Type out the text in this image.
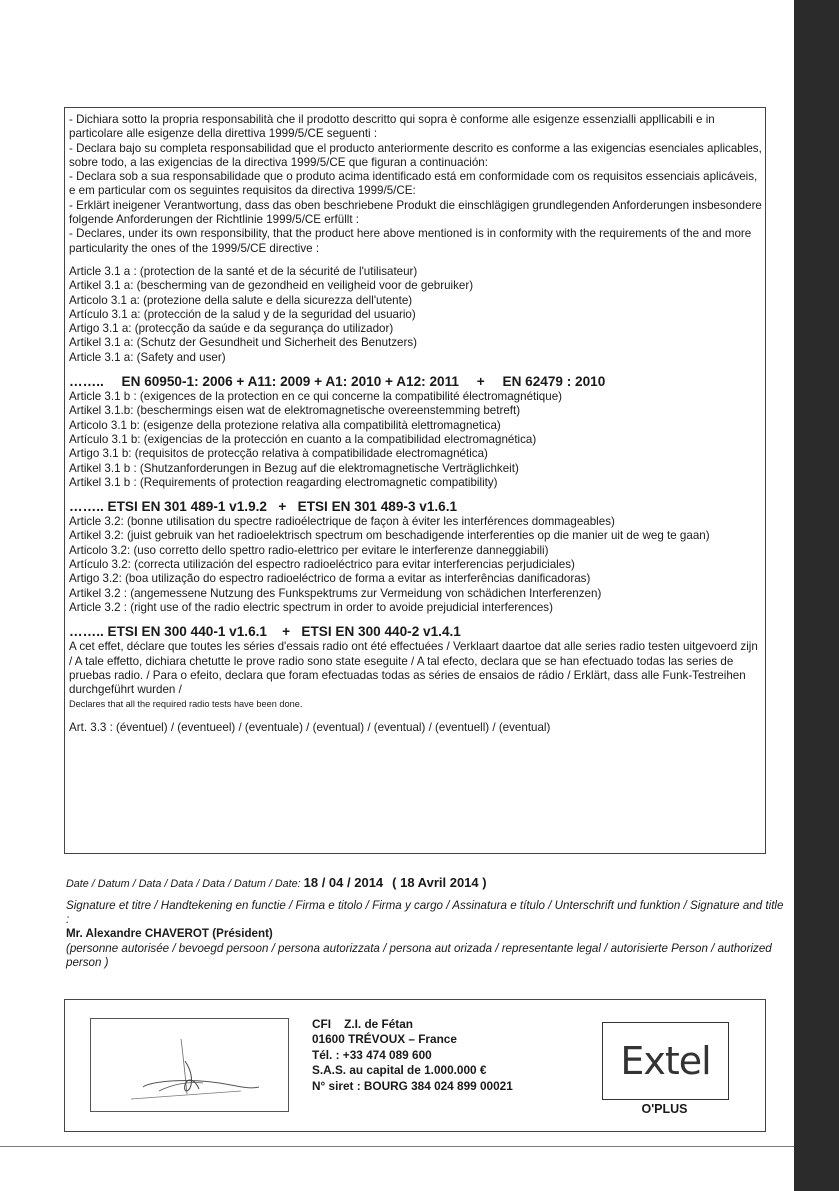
- Dichiara sotto la propria responsabilità che il prodotto descritto qui sopra è conforme alle esigenze essenzialli appllicabili e in particolare alle esigenze della direttiva 1999/5/CE seguenti :

- Declara bajo su completa responsabilidad que el producto anteriormente descrito es conforme a las exigencias esenciales aplicables, sobre todo, a las exigencias de la directiva 1999/5/CE que figuran a continuación:

- Declara sob a sua responsabilidade que o produto acima identificado está em conformidade com os requisitos essenciais aplicáveis, e em particular com os seguintes requisitos da directiva 1999/5/CE:

- Erklärt ineigener Verantwortung, dass das oben beschriebene Produkt die einschlägigen grundlegenden Anforderungen insbesondere folgende Anforderungen der Richtlinie 1999/5/CE erfüllt :

- Declares, under its own responsibility, that the product here above mentioned is in conformity with the requirements of the and more particularity the ones of the 1999/5/CE directive :

Article 3.1 a : (protection de la santé et de la sécurité de l'utilisateur)

Artikel 3.1 a: (bescherming van de gezondheid en veiligheid voor de gebruiker)

Articolo 3.1 a: (protezione della salute e della sicurezza dell'utente)

Artículo 3.1 a: (protección de la salud y de la seguridad del usuario)

Artigo 3.1 a: (protecção da saúde e da segurança do utilizador)

Artikel 3.1 a: (Schutz der Gesundheit und Sicherheit des Benutzers)

Article 3.1 a: (Safety and user)

…….. EN 60950-1: 2006 + A11: 2009 + A1: 2010 + A12: 2011 + EN 62479 : 2010

Article 3.1 b : (exigences de la protection en ce qui concerne la compatibilité électromagnétique)

Artikel 3.1.b: (beschermings eisen wat de elektromagnetische overeenstemming betreft)

Articolo 3.1 b: (esigenze della protezione relativa alla compatibilità elettromagnetica)

Artículo 3.1 b: (exigencias de la protección en cuanto a la compatibilidad electromagnética)

Artigo 3.1 b: (requisitos de protecção relativa à compatibilidade electromagnética)

Artikel 3.1 b : (Shutzanforderungen in Bezug auf die elektromagnetische Verträglichkeit)

Artikel 3.1 b : (Requirements of protection reagarding electromagnetic compatibility)

…….. ETSI EN 301 489-1 v1.9.2 + ETSI EN 301 489-3 v1.6.1

Article 3.2: (bonne utilisation du spectre radioélectrique de façon à éviter les interférences dommageables)

Artikel 3.2: (juist gebruik van het radioelektrisch spectrum om beschadigende interferenties op die manier uit de weg te gaan)

Articolo 3.2: (uso corretto dello spettro radio-elettrico per evitare le interferenze danneggiabili)

Artículo 3.2: (correcta utilización del espectro radioeléctrico para evitar interferencias perjudiciales)

Artigo 3.2: (boa utilização do espectro radioeléctrico de forma a evitar as interferências danificadoras)

Artikel 3.2 : (angemessene Nutzung des Funkspektrums zur Vermeidung von schädichen Interferenzen)

Article 3.2 : (right use of the radio electric spectrum in order to avoide prejudicial interferences)

…….. ETSI EN 300 440-1 v1.6.1 + ETSI EN 300 440-2 v1.4.1

A cet effet, déclare que toutes les séries d'essais radio ont été effectuées / Verklaart daartoe dat alle series radio testen uitgevoerd zijn / A tale effetto, dichiara chetutte le prove radio sono state eseguite / A tal efecto, declara que se han efectuado todas las series de pruebas radio. / Para o efeito, declara que foram efectuadas todas as séries de ensaios de rádio / Erklärt, dass alle Funk-Testreihen durchgeführt wurden /

Declares that all the required radio tests have been done.

Art. 3.3 : (éventuel) / (eventueel) / (eventuale) / (eventual) / (eventual) / (eventuell) / (eventual)

Date / Datum / Data / Data / Data / Datum / Date: 18 / 04 / 2014 ( 18 Avril 2014 )

Signature et titre / Handtekening en functie / Firma e titolo / Firma y cargo / Assinatura e título / Unterschrift und funktion / Signature and title :

Mr. Alexandre CHAVEROT (Président)

(personne autorisée / bevoegd persoon / persona autorizzata / persona aut orizada / representante legal / autorisierte Person / authorized person )

CFI Z.I. de Fétan
01600 TRÉVOUX – France
Tél. : +33 474 089 600
S.A.S. au capital de 1.000.000 €
N° siret : BOURG 384 024 899 00021
Extel
O'PLUS
